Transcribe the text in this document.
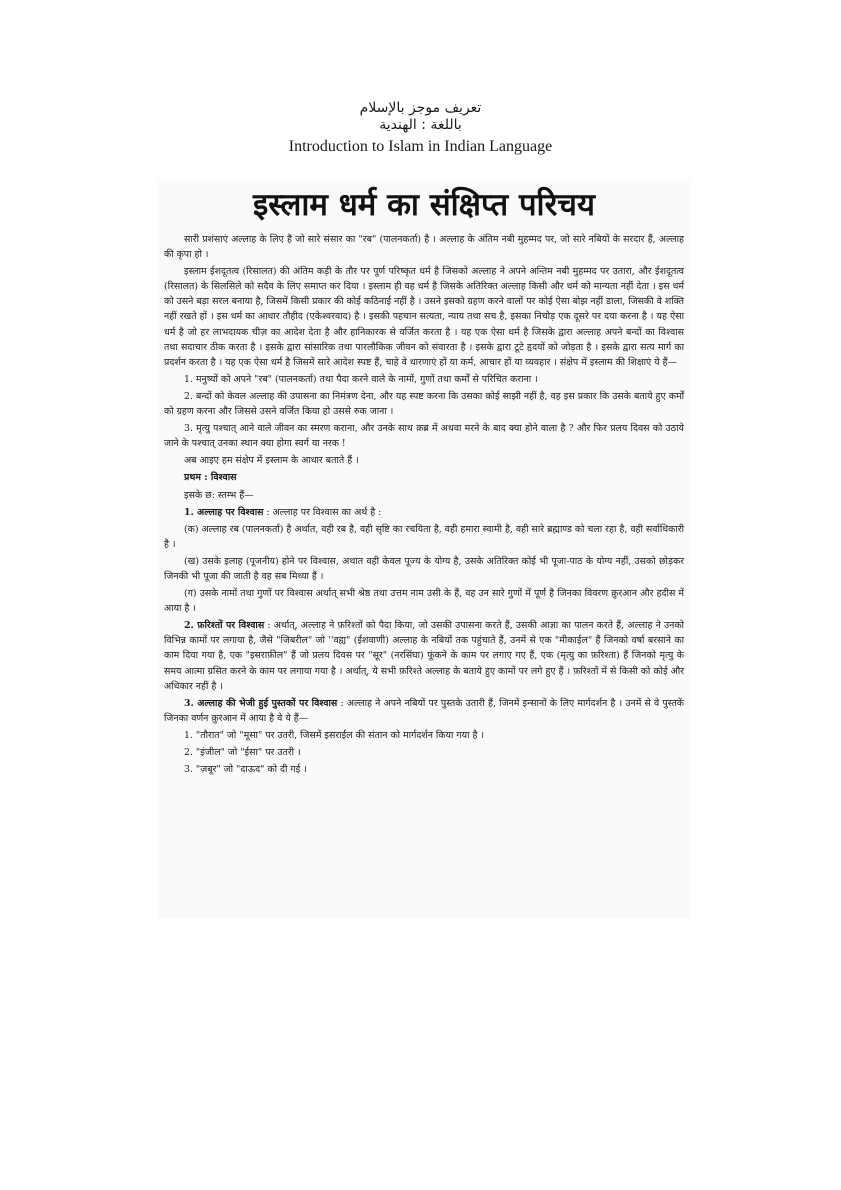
تعريف موجز بالإسلام
باللغة : الهندية
Introduction to Islam in Indian Language
इस्लाम धर्म का संक्षिप्त परिचय

सारी प्रशंसाएं अल्लाह के लिए है जो सारे संसार का "रब" (पालनकर्ता) है । अल्लाह के अंतिम नबी मुहम्मद पर, जो सारे नबियों के सरदार हैं, अल्लाह की कृपा हो ।

इस्लाम ईशदूतत्व (रिसालत) की अंतिम कड़ी के तौर पर पूर्ण परिष्कृत धर्म है जिसको अल्लाह ने अपने अन्तिम नबी मुहम्मद पर उतारा, और ईशदूतत्व (रिसालत) के सिलसिले को सदैव के लिए समाप्त कर दिया । इस्लाम ही वह धर्म है जिसके अतिरिक्त अल्लाह किसी और धर्म को मान्यता नहीं देता । इस धर्म को उसने बड़ा सरल बनाया है, जिसमें किसी प्रकार की कोई कठिनाई नहीं है । उसने इसको ग्रहण करने वालों पर कोई ऐसा बोझ नहीं डाला, जिसकी वे शक्ति नहीं रखते हों । इस धर्म का आधार तौहीद (एकेश्वरवाद) है । इसकी पहचान सत्यता, न्याय तथा सच है, इसका निचोड़ एक दूसरे पर दया करना है । यह ऐसा धर्म है जो हर लाभदायक चीज़ का आदेश देता है और हानिकारक से वर्जित करता है । यह एक ऐसा धर्म है जिसके द्वारा अल्लाह अपने बन्दों का विश्वास तथा सदाचार ठीक करता है । इसके द्वारा सांसारिक तथा पारलौकिक जीवन को संवारता है । इसके द्वारा टूटे हृदयों को जोड़ता है । इसके द्वारा सत्य मार्ग का प्रदर्शन करता है । यह एक ऐसा धर्म है जिसमें सारे आदेश स्पष्ट हैं, चाहे वे धारणाएं हों या कर्म, आचार हों या व्यवहार । संक्षेप में इस्लाम की शिक्षाएं ये हैं—

1. मनुष्यों को अपने "रब" (पालनकर्ता) तथा पैदा करने वाले के नामों, गुणों तथा कर्मों से परिचित कराना ।

2. बन्दों को केवल अल्लाह की उपासना का निमंत्रण देना, और यह स्पष्ट करना कि उसका कोई साझी नहीं है, वह इस प्रकार कि उसके बताये हुए कर्मों को ग्रहण करना और जिससे उसने वर्जित किया हो उससे रुक जाना ।

3. मृत्यु पश्चात् आने वाले जीवन का स्मरण कराना, और उनके साथ क़ब्र में अथवा मरने के बाद क्या होने वाला है ? और फिर प्रलय दिवस को उठाये जाने के पश्चात् उनका स्थान क्या होगा स्वर्ग या नरक !

अब आइए हम संक्षेप में इस्लाम के आधार बताते हैं ।

प्रथम : विश्वास

इसके छ: स्तम्भ हैं—

1. अल्लाह पर विश्वास : अल्लाह पर विश्वास का अर्थ है :

(क) अल्लाह रब (पालनकर्ता) है अर्थात, वही रब है, वही सृष्टि का रचयिता है, वही हमारा स्वामी है, वही सारे ब्रह्माण्ड को चला रहा है, वही सर्वाधिकारी है ।

(ख) उसके इलाह (पूजनीय) होने पर विश्वास, अथात वही केवल पूज्य के योग्य है, उसके अतिरिक्त कोई भी पूजा-पाठ के योग्य नहीं, उसको छोड़कर जिनकी भी पूजा की जाती है वह सब मिथ्या हैं ।

(ग) उसके नामों तथा गुणों पर विश्वास अर्थात् सभी श्रेष्ठ तथा उत्तम नाम उसी के हैं, वह उन सारे गुणों में पूर्ण है जिनका विवरण क़ुरआन और हदीस में आया है ।

2. फ़रिश्तों पर विश्वास : अर्थात्, अल्लाह ने फ़रिश्तों को पैदा किया, जो उसकी उपासना करते हैं, उसकी आज्ञा का पालन करते हैं, अल्लाह ने उनको विभिन्न कामों पर लगाया है, जैसे "जिबरील" जो ''वह्य" (ईशवाणी) अल्लाह के नबियों तक पहुंचाते हैं, उनमें से एक "मीकाईल" हैं जिनको वर्षा बरसाने का काम दिया गया है, एक "इसराफ़ील" हैं जो प्रलय दिवस पर "सूर" (नरसिंघा) फूंकने के काम पर लगाए गए हैं, एक (मृत्यु का फ़रिश्ता) हैं जिनको मृत्यु के समय आत्मा ग्रसित करने के काम पर लगाया गया है । अर्थात्, ये सभी फ़रिश्ते अल्लाह के बताये हुए कामों पर लगे हुए हैं । फ़रिश्तों में से किसी को कोई और अधिकार नहीं है ।

3. अल्लाह की भेजी हुई पुस्तकों पर विश्वास : अल्लाह ने अपने नबियों पर पुस्तके उतारी हैं, जिनमें इन्सानों के लिए मार्गदर्शन है । उनमें से वे पुस्तकें जिनका वर्णन क़ुरआन में आया है वे ये हैं—

1. "तौरात" जो "मूसा" पर उतरी, जिसमें इसराईल की संतान को मार्गदर्शन किया गया है ।

2. "इंजील" जो "ईसा" पर उतरी ।

3. "ज़बूर" जो "दाऊद" को दी गई ।
